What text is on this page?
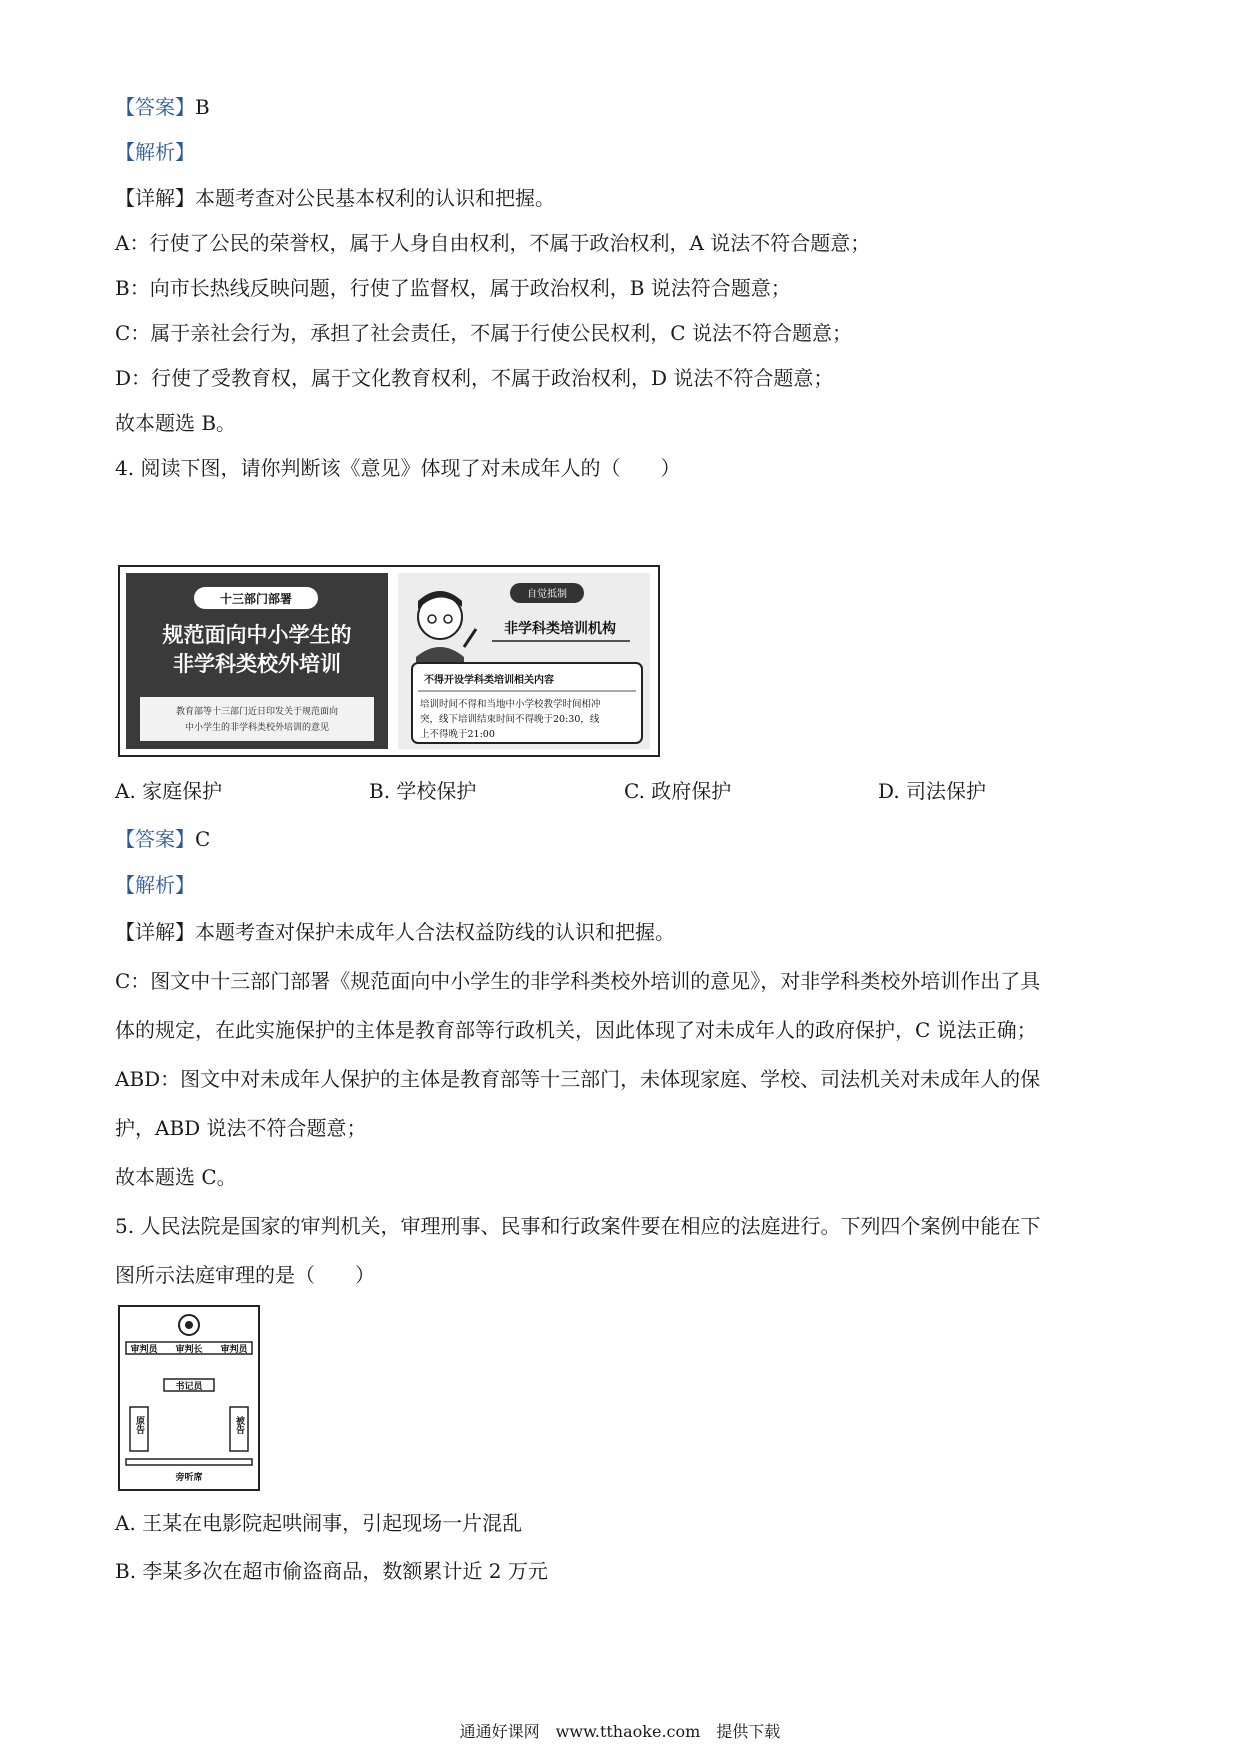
【答案】B
【解析】
【详解】本题考查对公民基本权利的认识和把握。
A：行使了公民的荣誉权，属于人身自由权利，不属于政治权利，A 说法不符合题意；
B：向市长热线反映问题，行使了监督权，属于政治权利，B 说法符合题意；
C：属于亲社会行为，承担了社会责任，不属于行使公民权利，C 说法不符合题意；
D：行使了受教育权，属于文化教育权利，不属于政治权利，D 说法不符合题意；
故本题选 B。
4. 阅读下图，请你判断该《意见》体现了对未成年人的（　　）
十三部门部署
规范面向中小学生的
非学科类校外培训
教育部等十三部门近日印发关于规范面向
中小学生的非学科类校外培训的意见
自觉抵制
非学科类培训机构
不得开设学科类培训相关内容
培训时间不得和当地中小学校教学时间相冲
突，线下培训结束时间不得晚于20:30，线
上不得晚于21:00
A. 家庭保护	B. 学校保护	C. 政府保护	D. 司法保护
【答案】C
【解析】
【详解】本题考查对保护未成年人合法权益防线的认识和把握。
C：图文中十三部门部署《规范面向中小学生的非学科类校外培训的意见》，对非学科类校外培训作出了具
体的规定，在此实施保护的主体是教育部等行政机关，因此体现了对未成年人的政府保护，C 说法正确；
ABD：图文中对未成年人保护的主体是教育部等十三部门，未体现家庭、学校、司法机关对未成年人的保
护，ABD 说法不符合题意；
故本题选 C。
5. 人民法院是国家的审判机关，审理刑事、民事和行政案件要在相应的法庭进行。下列四个案例中能在下
图所示法庭审理的是（　　）
审判员 审判长 审判员
书记员
原告	被告
旁听席
A. 王某在电影院起哄闹事，引起现场一片混乱
B. 李某多次在超市偷盗商品，数额累计近 2 万元
通通好课网　www.tthaoke.com　提供下载
